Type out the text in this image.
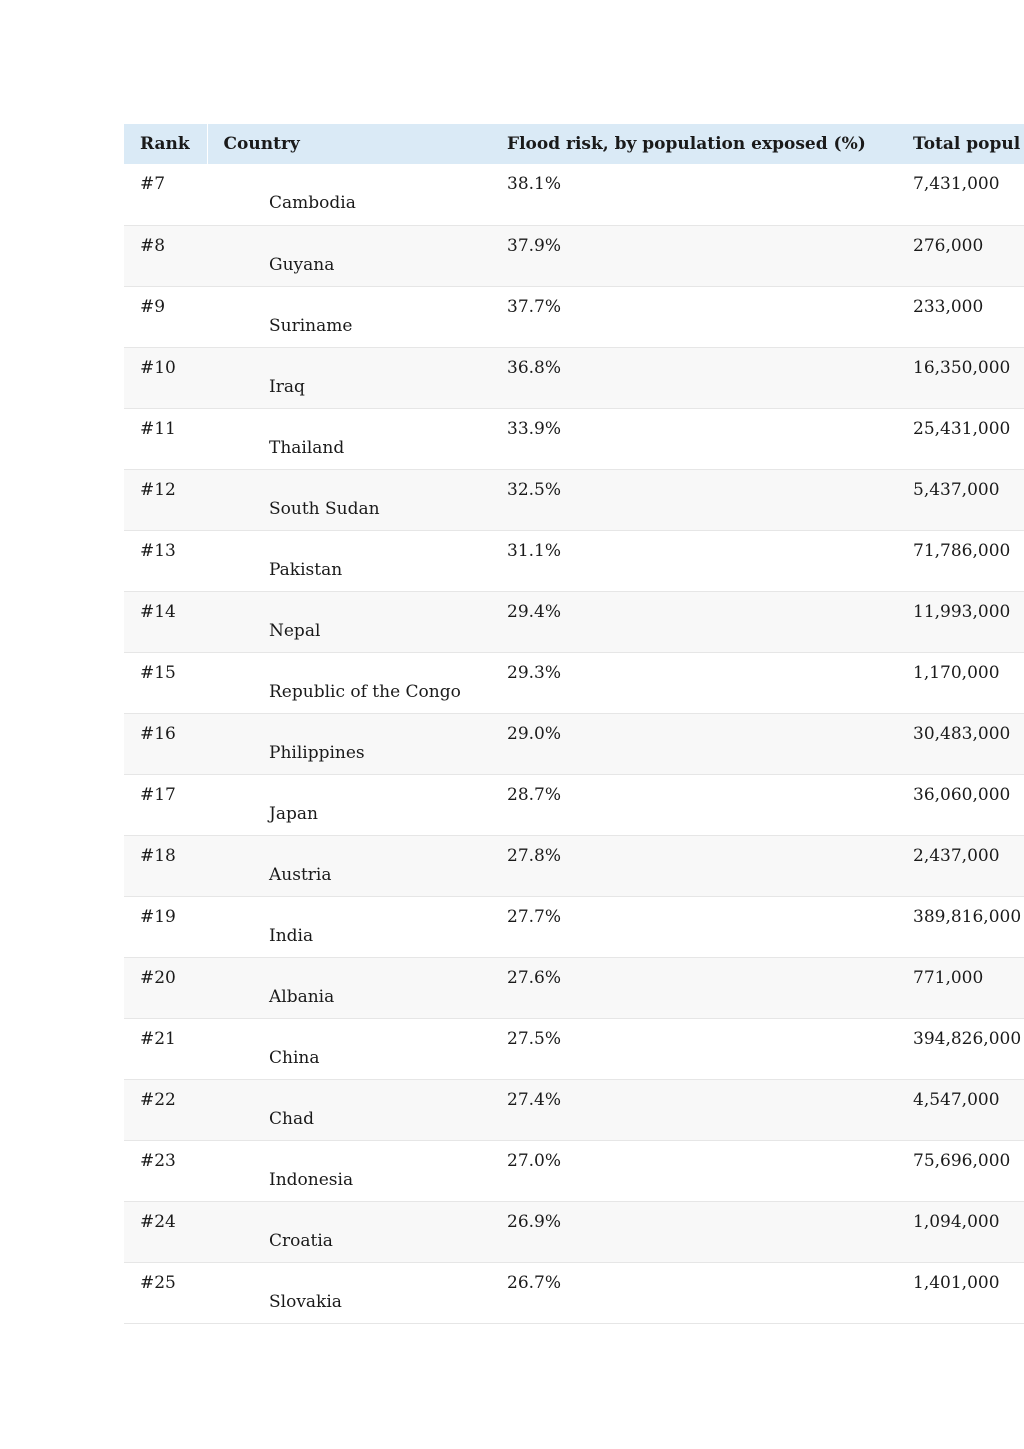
Rank	Country	Flood risk, by population exposed (%)	Total popul
#7	Cambodia	38.1%	7,431,000
#8	Guyana	37.9%	276,000
#9	Suriname	37.7%	233,000
#10	Iraq	36.8%	16,350,000
#11	Thailand	33.9%	25,431,000
#12	South Sudan	32.5%	5,437,000
#13	Pakistan	31.1%	71,786,000
#14	Nepal	29.4%	11,993,000
#15	Republic of the Congo	29.3%	1,170,000
#16	Philippines	29.0%	30,483,000
#17	Japan	28.7%	36,060,000
#18	Austria	27.8%	2,437,000
#19	India	27.7%	389,816,000
#20	Albania	27.6%	771,000
#21	China	27.5%	394,826,000
#22	Chad	27.4%	4,547,000
#23	Indonesia	27.0%	75,696,000
#24	Croatia	26.9%	1,094,000
#25	Slovakia	26.7%	1,401,000
